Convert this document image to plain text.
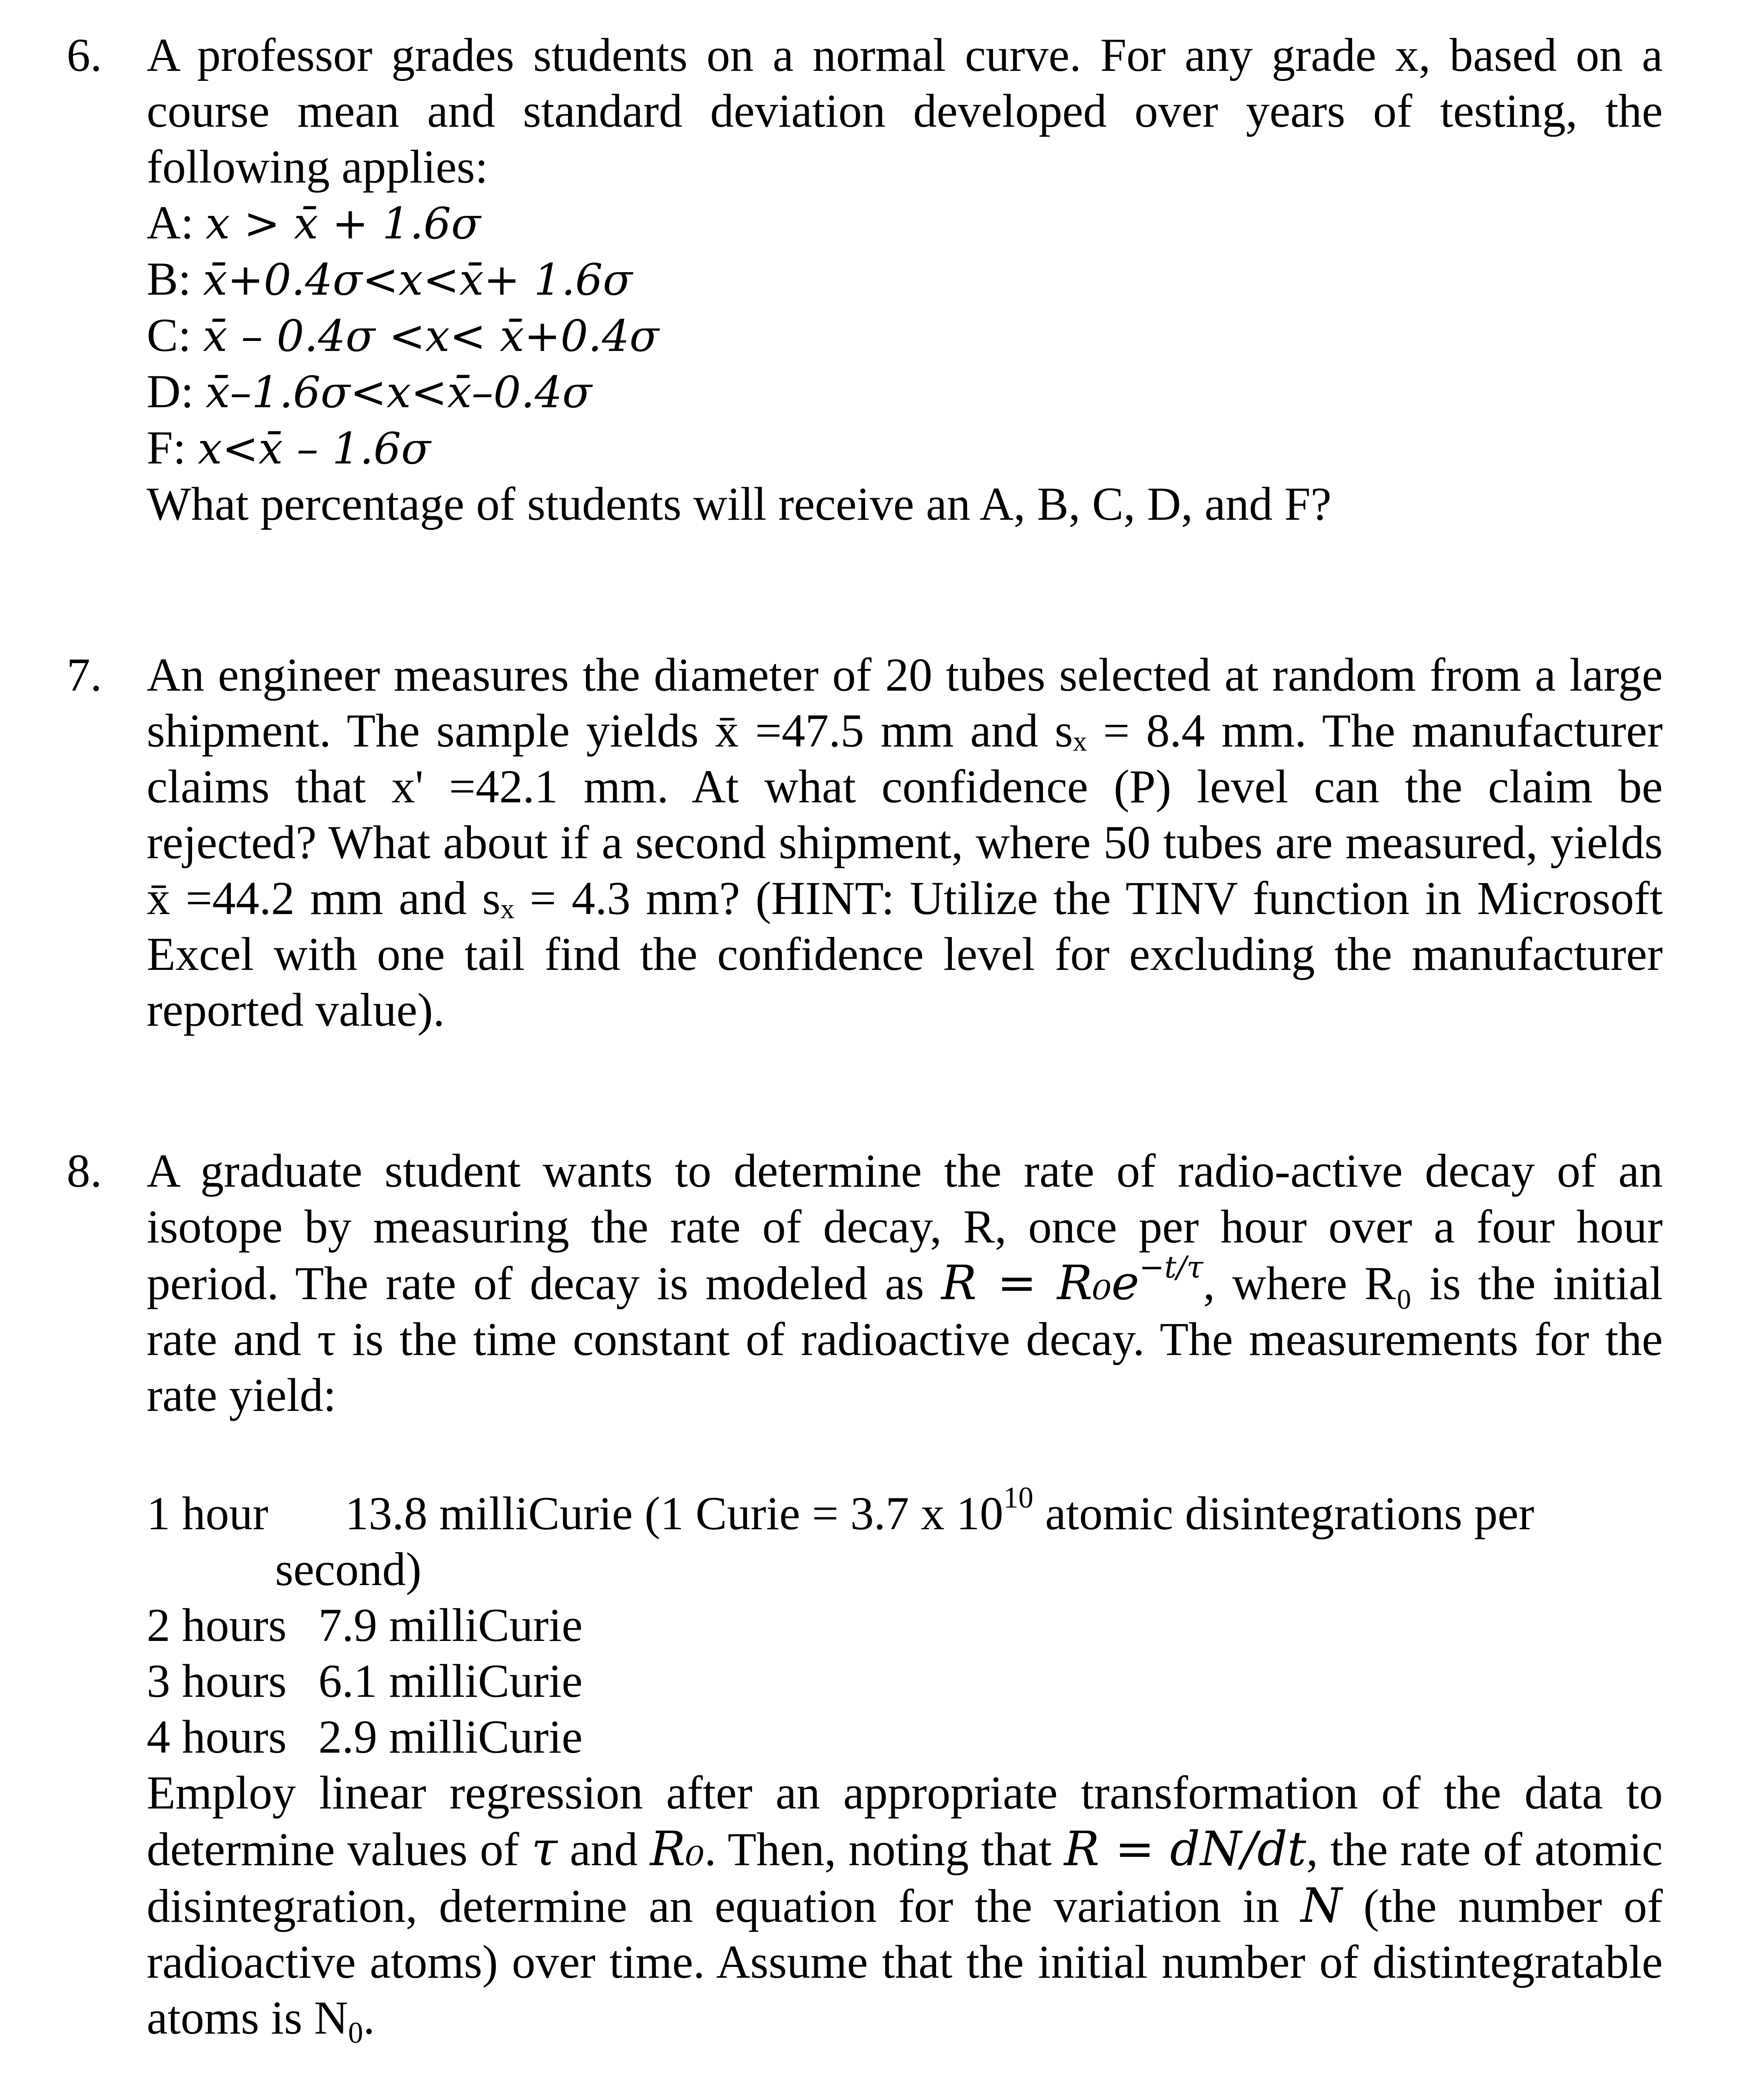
6. A professor grades students on a normal curve. For any grade x, based on a course mean and standard deviation developed over years of testing, the following applies:

A: x > x̄ + 1.6σ
B: x̄+0.4σ<x<x̄+ 1.6σ
C: x̄ – 0.4σ <x< x̄+0.4σ
D: x̄–1.6σ<x<x̄–0.4σ
F: x<x̄ – 1.6σ

What percentage of students will receive an A, B, C, D, and F?

7. An engineer measures the diameter of 20 tubes selected at random from a large shipment. The sample yields x̄ =47.5 mm and sₓ = 8.4 mm. The manufacturer claims that x' =42.1 mm. At what confidence (P) level can the claim be rejected? What about if a second shipment, where 50 tubes are measured, yields x̄ =44.2 mm and sₓ = 4.3 mm? (HINT: Utilize the TINV function in Microsoft Excel with one tail find the confidence level for excluding the manufacturer reported value).

8. A graduate student wants to determine the rate of radio-active decay of an isotope by measuring the rate of decay, R, once per hour over a four hour period. The rate of decay is modeled as $R = R_0e^{-t/\tau}$, where R₀ is the initial rate and τ is the time constant of radioactive decay. The measurements for the rate yield:

1 hour 13.8 milliCurie (1 Curie = 3.7 x $10^{10}$ atomic disintegrations per
second)
2 hours 7.9 milliCurie
3 hours 6.1 milliCurie
4 hours 2.9 milliCurie

Employ linear regression after an appropriate transformation of the data to determine values of τ and R₀. Then, noting that R = dN/dt, the rate of atomic disintegration, determine an equation for the variation in N (the number of radioactive atoms) over time. Assume that the initial number of distintegratable atoms is $N_0$.
